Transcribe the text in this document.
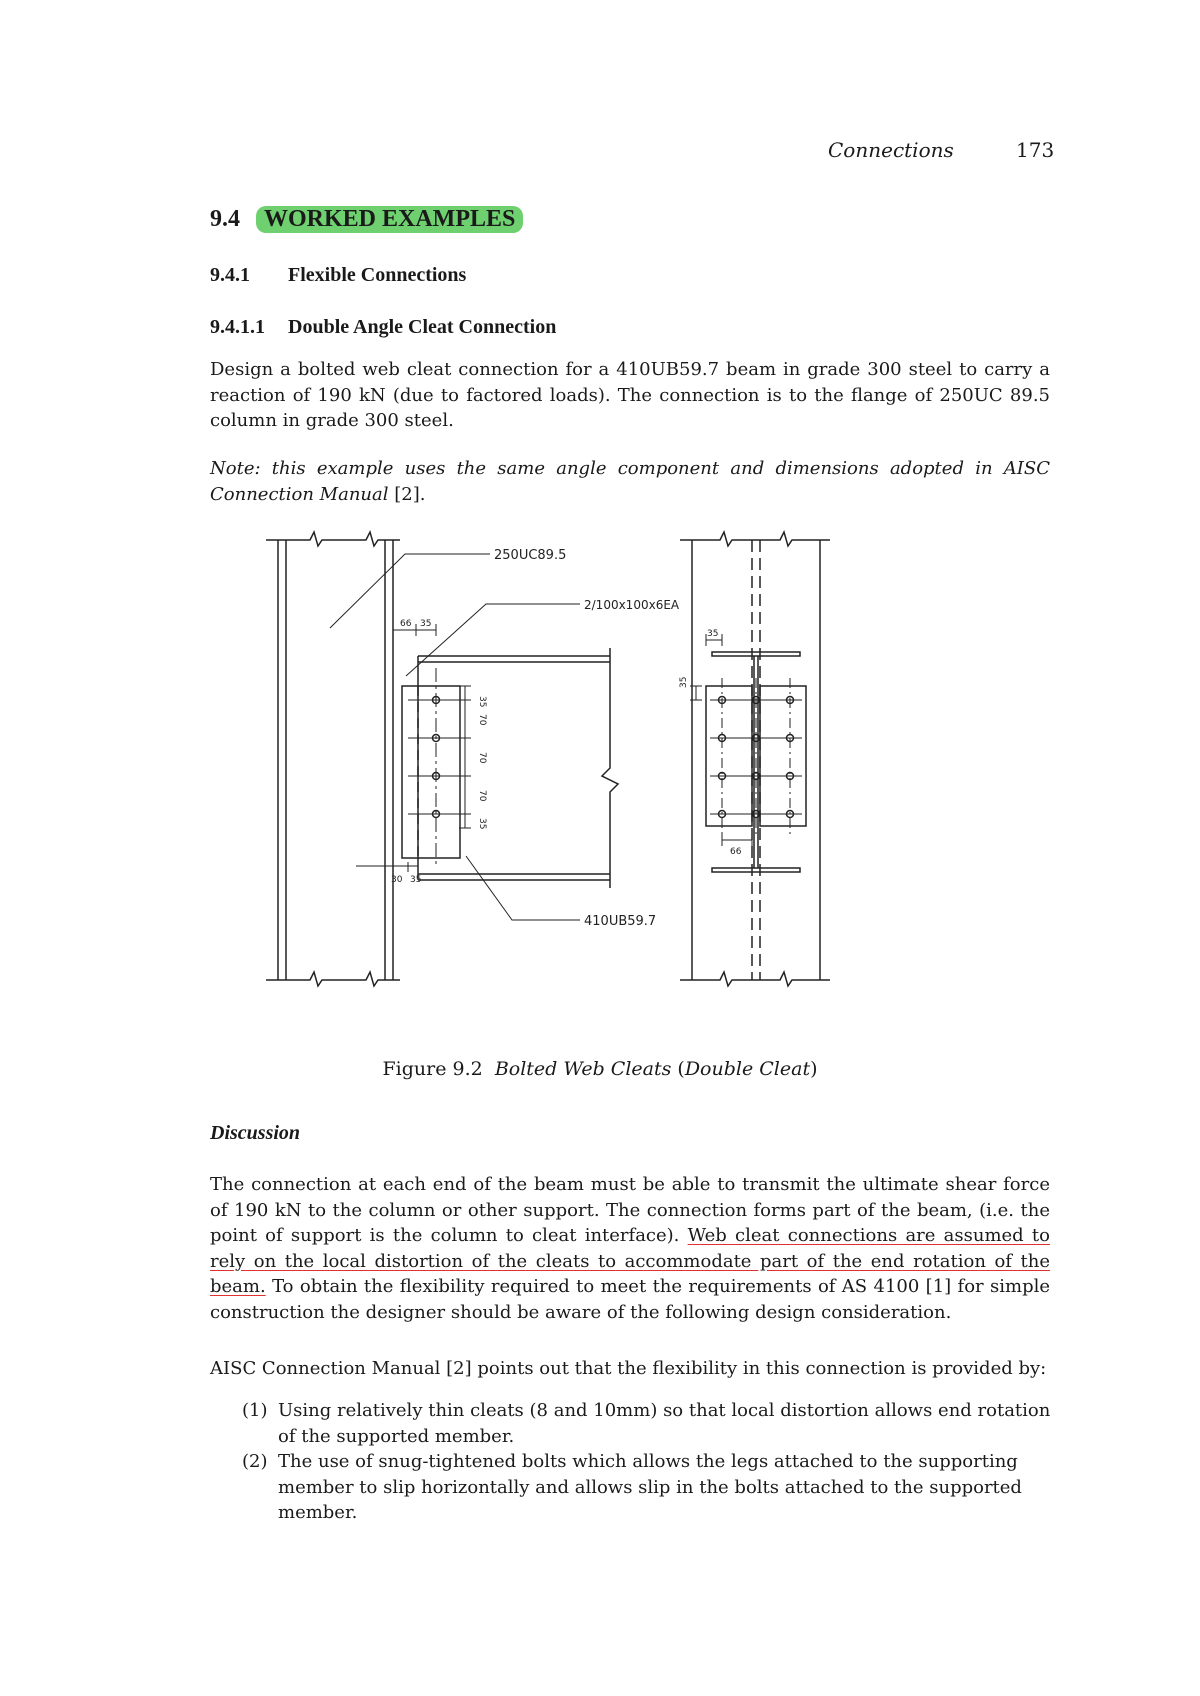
Connections	173
9.4 WORKED EXAMPLES
9.4.1 Flexible Connections
9.4.1.1 Double Angle Cleat Connection
Design a bolted web cleat connection for a 410UB59.7 beam in grade 300 steel to carry a reaction of 190 kN (due to factored loads). The connection is to the flange of 250UC 89.5 column in grade 300 steel.
Note: this example uses the same angle component and dimensions adopted in AISC Connection Manual [2].
250UC89.5
2/100x100x6EA
410UB59.7
66 35
30 35
35
70
70
70
35
35
35
66
Figure 9.2 Bolted Web Cleats (Double Cleat)
Discussion
The connection at each end of the beam must be able to transmit the ultimate shear force of 190 kN to the column or other support. The connection forms part of the beam, (i.e. the point of support is the column to cleat interface). Web cleat connections are assumed to rely on the local distortion of the cleats to accommodate part of the end rotation of the beam. To obtain the flexibility required to meet the requirements of AS 4100 [1] for simple construction the designer should be aware of the following design consideration.
AISC Connection Manual [2] points out that the flexibility in this connection is provided by:
(1) Using relatively thin cleats (8 and 10mm) so that local distortion allows end rotation of the supported member.
(2) The use of snug-tightened bolts which allows the legs attached to the supporting member to slip horizontally and allows slip in the bolts attached to the supported member.
